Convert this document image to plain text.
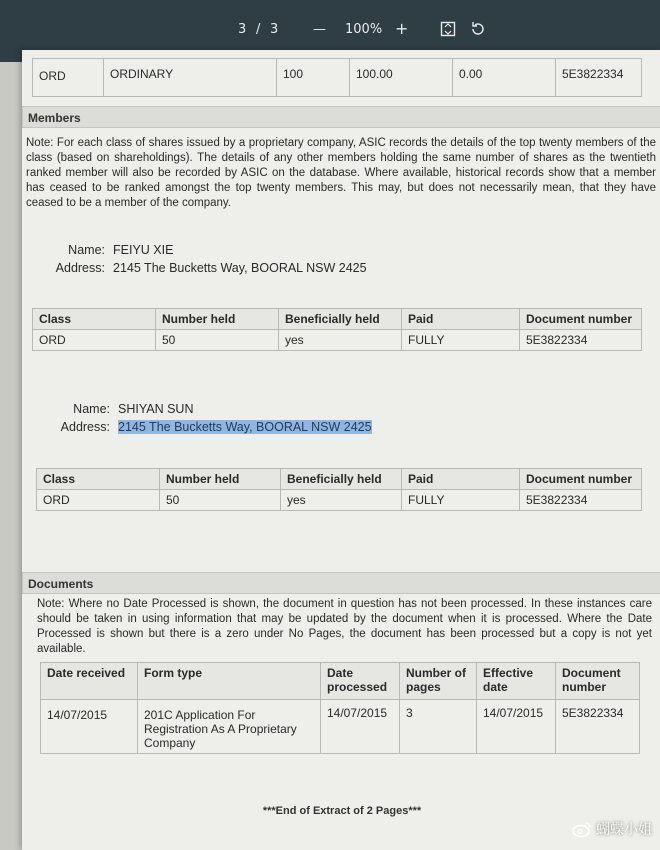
3 / 3	— 100% +
ORD	ORDINARY	100	100.00	0.00	5E3822334
Members
Note: For each class of shares issued by a proprietary company, ASIC records the details of the top twenty members of the class (based on shareholdings). The details of any other members holding the same number of shares as the twentieth ranked member will also be recorded by ASIC on the database. Where available, historical records show that a member has ceased to be ranked amongst the top twenty members. This may, but does not necessarily mean, that they have ceased to be a member of the company.
Name: FEIYU XIE
Address: 2145 The Bucketts Way, BOORAL NSW 2425
Class	Number held	Beneficially held	Paid	Document number
ORD	50	yes	FULLY	5E3822334
Name: SHIYAN SUN
Address: 2145 The Bucketts Way, BOORAL NSW 2425
Class	Number held	Beneficially held	Paid	Document number
ORD	50	yes	FULLY	5E3822334
Documents
Note: Where no Date Processed is shown, the document in question has not been processed. In these instances care should be taken in using information that may be updated by the document when it is processed. Where the Date Processed is shown but there is a zero under No Pages, the document has been processed but a copy is not yet available.
Date received	Form type	Date processed	Number of pages	Effective date	Document number
14/07/2015	201C Application For Registration As A Proprietary Company	14/07/2015	3	14/07/2015	5E3822334
***End of Extract of 2 Pages***
蝴蝶小姐
